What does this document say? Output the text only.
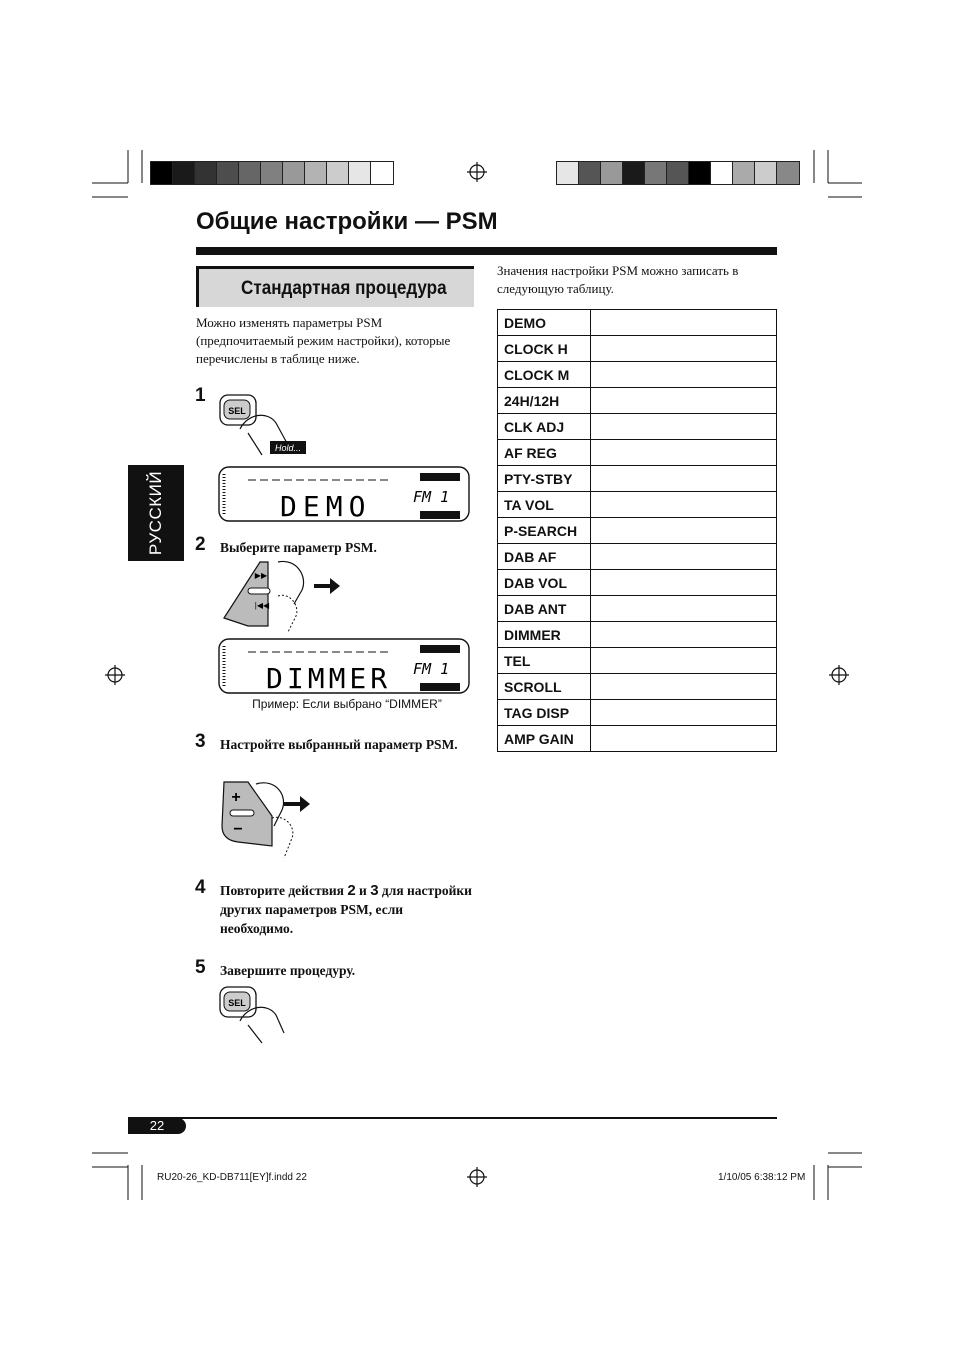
Общие настройки — PSM
Стандартная процедура
Можно изменять параметры PSM (предпочитаемый режим настройки), которые перечислены в таблице ниже.
Значения настройки PSM можно записать в следующую таблицу.
РУССКИЙ
1
SEL
Hold...
DEMO	FM 1
2 Выберите параметр PSM.
▶▶|
|◀◀
DIMMER FM 1
Пример: Если выбрано “DIMMER”
3 Настройте выбранный параметр PSM.
+
−
4 Повторите действия 2 и 3 для настройки других параметров PSM, если необходимо.
5 Завершите процедуру.
SEL
DEMO	
CLOCK H	
CLOCK M	
24H/12H	
CLK ADJ	
AF REG	
PTY-STBY	
TA VOL	
P-SEARCH	
DAB AF	
DAB VOL	
DAB ANT	
DIMMER	
TEL	
SCROLL	
TAG DISP	
AMP GAIN	
22
RU20-26_KD-DB711[EY]f.indd 22	1/10/05 6:38:12 PM
